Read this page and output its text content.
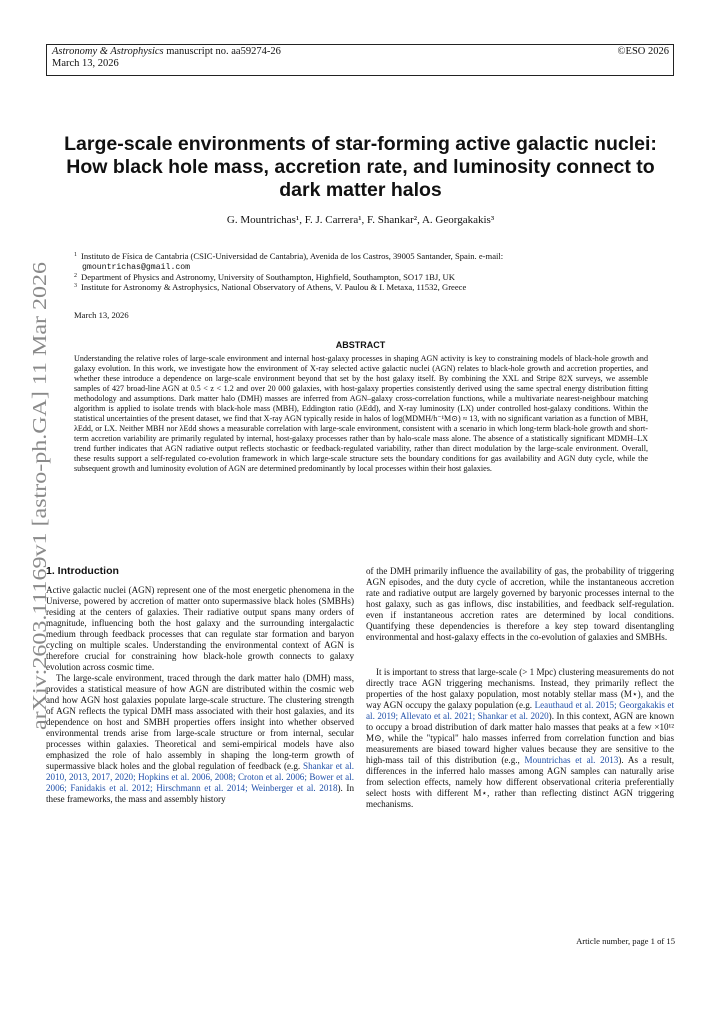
Astronomy & Astrophysics manuscript no. aa59274-26
March 13, 2026
©ESO 2026
arXiv:2603.11169v1 [astro-ph.GA] 11 Mar 2026
Large-scale environments of star-forming active galactic nuclei:
How black hole mass, accretion rate, and luminosity connect to
dark matter halos
G. Mountrichas¹, F. J. Carrera¹, F. Shankar², A. Georgakakis³
$^1$ Instituto de Física de Cantabria (CSIC-Universidad de Cantabria), Avenida de los Castros, 39005 Santander, Spain. e-mail:
gmountrichas@gmail.com
$^2$ Department of Physics and Astronomy, University of Southampton, Highfield, Southampton, SO17 1BJ, UK
$^3$ Institute for Astronomy & Astrophysics, National Observatory of Athens, V. Paulou & I. Metaxa, 11532, Greece
March 13, 2026
ABSTRACT
Understanding the relative roles of large-scale environment and internal host-galaxy processes in shaping AGN activity is key to constraining models of black-hole growth and galaxy evolution. In this work, we investigate how the environment of X-ray selected active galactic nuclei (AGN) relates to black-hole growth and accretion properties, and whether these introduce a dependence on large-scale environment beyond that set by the host galaxy itself. By combining the XXL and Stripe 82X surveys, we assemble samples of 427 broad-line AGN at 0.5 < z < 1.2 and over 20 000 galaxies, with host-galaxy properties consistently derived using the same spectral energy distribution fitting methodology and assumptions. Dark matter halo (DMH) masses are inferred from AGN–galaxy cross-correlation functions, while a multivariate nearest-neighbour matching algorithm is applied to isolate trends with black-hole mass (MBH), Eddington ratio (λEdd), and X-ray luminosity (LX) under controlled host-galaxy conditions. Within the statistical uncertainties of the present dataset, we find that X-ray AGN typically reside in halos of log(MDMH/h⁻¹M⊙) ≈ 13, with no significant variation as a function of MBH, λEdd, or LX. Neither MBH nor λEdd shows a measurable correlation with large-scale environment, consistent with a scenario in which long-term black-hole growth and short-term accretion variability are primarily regulated by internal, host-galaxy processes rather than by halo-scale mass alone. The absence of a statistically significant MDMH–LX trend further indicates that AGN radiative output reflects stochastic or feedback-regulated variability, rather than direct modulation by the large-scale environment. Overall, these results support a self-regulated co-evolution framework in which large-scale structure sets the boundary conditions for gas availability and AGN duty cycle, while the subsequent growth and luminosity evolution of AGN are determined predominantly by local processes within their host galaxies.
1. Introduction

Active galactic nuclei (AGN) represent one of the most energetic phenomena in the Universe, powered by accretion of matter onto supermassive black holes (SMBHs) residing at the centers of galaxies. Their radiative output spans many orders of magnitude, influencing both the host galaxy and the surrounding intergalactic medium through feedback processes that can regulate star formation and baryon cycling on multiple scales. Understanding the environmental context of AGN is therefore crucial for constraining how black-hole growth connects to galaxy evolution across cosmic time.

The large-scale environment, traced through the dark matter halo (DMH) mass, provides a statistical measure of how AGN are distributed within the cosmic web and how AGN host galaxies populate large-scale structure. The clustering strength of AGN reflects the typical DMH mass associated with their host galaxies, and its dependence on host and SMBH properties offers insight into whether observed environmental trends arise from large-scale structure or from internal, secular processes within galaxies. Theoretical and semi-empirical models have also emphasized the role of halo assembly in shaping the long-term growth of supermassive black holes and the global regulation of feedback (e.g. Shankar et al. 2010, 2013, 2017, 2020; Hopkins et al. 2006, 2008; Croton et al. 2006; Bower et al. 2006; Fanidakis et al. 2012; Hirschmann et al. 2014; Weinberger et al. 2018). In these frameworks, the mass and assembly history

of the DMH primarily influence the availability of gas, the probability of triggering AGN episodes, and the duty cycle of accretion, while the instantaneous accretion rate and radiative output are largely governed by baryonic processes internal to the host galaxy, such as gas inflows, disc instabilities, and feedback self-regulation. even if instantaneous accretion rates are determined by local conditions. Quantifying these dependencies is therefore a key step toward disentangling environmental and host-galaxy effects in the co-evolution of galaxies and SMBHs.

It is important to stress that large-scale (> 1 Mpc) clustering measurements do not directly trace AGN triggering mechanisms. Instead, they primarily reflect the properties of the host galaxy population, most notably stellar mass (M⋆), and the way AGN occupy the galaxy population (e.g. Leauthaud et al. 2015; Georgakakis et al. 2019; Allevato et al. 2021; Shankar et al. 2020). In this context, AGN are known to occupy a broad distribution of dark matter halo masses that peaks at a few ×10¹² M⊙, while the "typical" halo masses inferred from correlation function and bias measurements are biased toward higher values because they are sensitive to the high-mass tail of this distribution (e.g., Mountrichas et al. 2013). As a result, differences in the inferred halo masses among AGN samples can naturally arise from selection effects, namely how different observational criteria preferentially select hosts with different M⋆, rather than reflecting distinct AGN triggering mechanisms.

Article number, page 1 of 15
